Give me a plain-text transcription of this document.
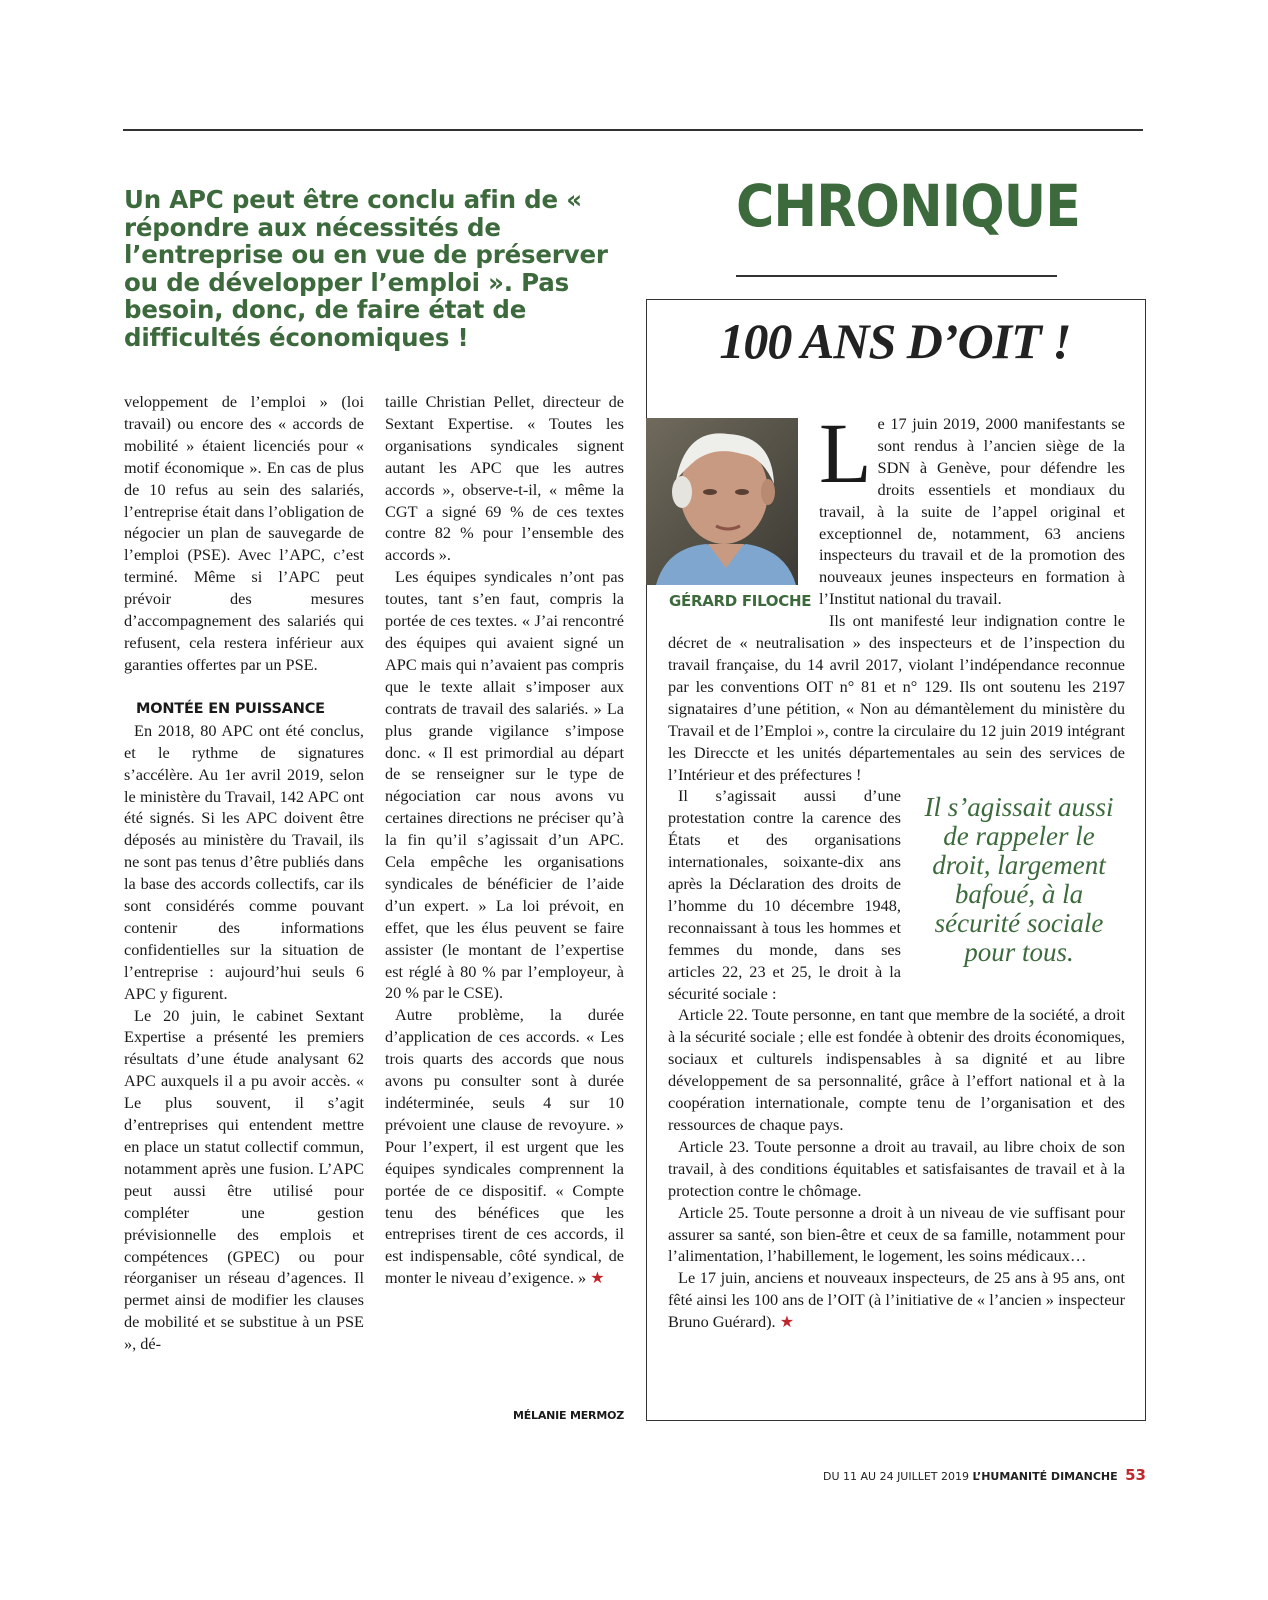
Un APC peut être conclu afin de « répondre aux nécessités de l’entreprise ou en vue de préserver ou de développer l’emploi ». Pas besoin, donc, de faire état de difficultés économiques !

veloppement de l’emploi » (loi travail) ou encore des « accords de mobilité » étaient licenciés pour « motif économique ». En cas de plus de 10 refus au sein des salariés, l’entreprise était dans l’obligation de négocier un plan de sauvegarde de l’emploi (PSE). Avec l’APC, c’est terminé. Même si l’APC peut prévoir des mesures d’accompagnement des salariés qui refusent, cela restera inférieur aux garanties offertes par un PSE.

MONTÉE EN PUISSANCE

En 2018, 80 APC ont été conclus, et le rythme de signatures s’accélère. Au 1er avril 2019, selon le ministère du Travail, 142 APC ont été signés. Si les APC doivent être déposés au ministère du Travail, ils ne sont pas tenus d’être publiés dans la base des accords collectifs, car ils sont considérés comme pouvant contenir des informations confidentielles sur la situation de l’entreprise : aujourd’hui seuls 6 APC y figurent.

Le 20 juin, le cabinet Sextant Expertise a présenté les premiers résultats d’une étude analysant 62 APC auxquels il a pu avoir accès. « Le plus souvent, il s’agit d’entreprises qui entendent mettre en place un statut collectif commun, notamment après une fusion. L’APC peut aussi être utilisé pour compléter une gestion prévisionnelle des emplois et compétences (GPEC) ou pour réorganiser un réseau d’agences. Il permet ainsi de modifier les clauses de mobilité et se substitue à un PSE », dé-

taille Christian Pellet, directeur de Sextant Expertise. « Toutes les organisations syndicales signent autant les APC que les autres accords », observe-t-il, « même la CGT a signé 69 % de ces textes contre 82 % pour l’ensemble des accords ».

Les équipes syndicales n’ont pas toutes, tant s’en faut, compris la portée de ces textes. « J’ai rencontré des équipes qui avaient signé un APC mais qui n’avaient pas compris que le texte allait s’imposer aux contrats de travail des salariés. » La plus grande vigilance s’impose donc. « Il est primordial au départ de se renseigner sur le type de négociation car nous avons vu certaines directions ne préciser qu’à la fin qu’il s’agissait d’un APC. Cela empêche les organisations syndicales de bénéficier de l’aide d’un expert. » La loi prévoit, en effet, que les élus peuvent se faire assister (le montant de l’expertise est réglé à 80 % par l’employeur, à 20 % par le CSE).

Autre problème, la durée d’application de ces accords. « Les trois quarts des accords que nous avons pu consulter sont à durée indéterminée, seuls 4 sur 10 prévoient une clause de revoyure. » Pour l’expert, il est urgent que les équipes syndicales comprennent la portée de ce dispositif. « Compte tenu des bénéfices que les entreprises tirent de ces accords, il est indispensable, côté syndical, de monter le niveau d’exigence. » ★

MÉLANIE MERMOZ
CHRONIQUE
100 ANS D’OIT !
GÉRARD FILOCHE

Le 17 juin 2019, 2000 manifestants se sont rendus à l’ancien siège de la SDN à Genève, pour défendre les droits essentiels et mondiaux du travail, à la suite de l’appel original et exceptionnel de, notamment, 63 anciens inspecteurs du travail et de la promotion des nouveaux jeunes inspecteurs en formation à l’Institut national du travail.

Ils ont manifesté leur indignation contre le décret de « neutralisation » des inspecteurs et de l’inspection du travail française, du 14 avril 2017, violant l’indépendance reconnue par les conventions OIT n° 81 et n° 129. Ils ont soutenu les 2197 signataires d’une pétition, « Non au démantèlement du ministère du Travail et de l’Emploi », contre la circulaire du 12 juin 2019 intégrant les Direccte et les unités départementales au sein des services de l’Intérieur et des préfectures !

Il s’agissait aussi de rappeler le droit, largement bafoué, à la sécurité sociale pour tous.

Il s’agissait aussi d’une protestation contre la carence des États et des organisations internationales, soixante-dix ans après la Déclaration des droits de l’homme du 10 décembre 1948, reconnaissant à tous les hommes et femmes du monde, dans ses articles 22, 23 et 25, le droit à la sécurité sociale :

Article 22. Toute personne, en tant que membre de la société, a droit à la sécurité sociale ; elle est fondée à obtenir des droits économiques, sociaux et culturels indispensables à sa dignité et au libre développement de sa personnalité, grâce à l’effort national et à la coopération internationale, compte tenu de l’organisation et des ressources de chaque pays.

Article 23. Toute personne a droit au travail, au libre choix de son travail, à des conditions équitables et satisfaisantes de travail et à la protection contre le chômage.

Article 25. Toute personne a droit à un niveau de vie suffisant pour assurer sa santé, son bien-être et ceux de sa famille, notamment pour l’alimentation, l’habillement, le logement, les soins médicaux…

Le 17 juin, anciens et nouveaux inspecteurs, de 25 ans à 95 ans, ont fêté ainsi les 100 ans de l’OIT (à l’initiative de « l’ancien » inspecteur Bruno Guérard). ★

DU 11 AU 24 JUILLET 2019 L’HUMANITÉ DIMANCHE 53
